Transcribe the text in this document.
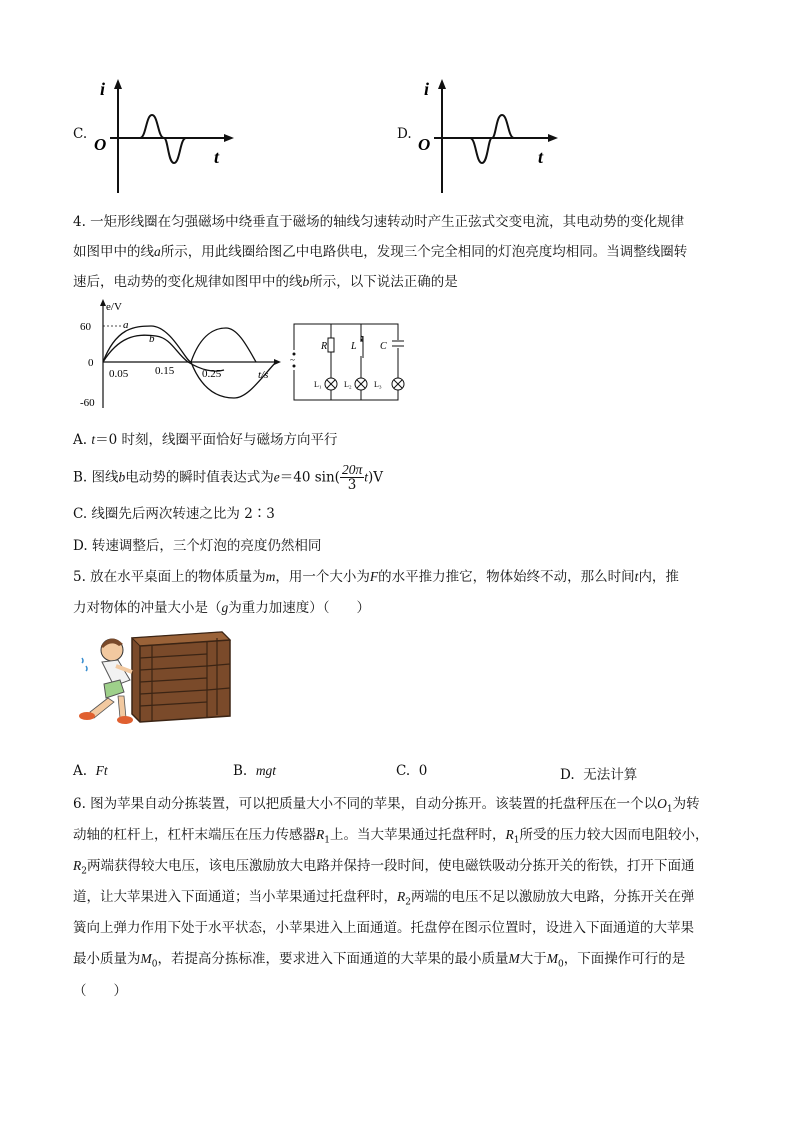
C.
i
O
t
D.
i
O
t
4. 一矩形线圈在匀强磁场中绕垂直于磁场的轴线匀速转动时产生正弦式交变电流，其电动势的变化规律
如图甲中的线a所示，用此线圈给图乙中电路供电，发现三个完全相同的灯泡亮度均相同。当调整线圈转
速后，电动势的变化规律如图甲中的线b所示，以下说法正确的是
e/V
t/s
60
0
-60
0.05 0.15	0.25
a
b
~
R L C
L₁	L₂	L₃
A. t＝0 时刻，线圈平面恰好与磁场方向平行
B. 图线b电动势的瞬时值表达式为e＝40 $\sin( \frac{20\pi}{3} t)V$
C. 线圈先后两次转速之比为 2∶3
D. 转速调整后，三个灯泡的亮度仍然相同
5. 放在水平桌面上的物体质量为m，用一个大小为F的水平推力推它，物体始终不动，那么时间t内，推
力对物体的冲量大小是（g为重力加速度）（　　）
A. Ft	B. mgt	C. 0	D. 无法计算
6. 图为苹果自动分拣装置，可以把质量大小不同的苹果，自动分拣开。该装置的托盘秤压在一个以$O_1$为转
动轴的杠杆上，杠杆末端压在压力传感器$R_1$上。当大苹果通过托盘秤时，$R_1$所受的压力较大因而电阻较小，
$R_2$两端获得较大电压，该电压激励放大电路并保持一段时间，使电磁铁吸动分拣开关的衔铁，打开下面通
道，让大苹果进入下面通道；当小苹果通过托盘秤时，$R_2$两端的电压不足以激励放大电路，分拣开关在弹
簧向上弹力作用下处于水平状态，小苹果进入上面通道。托盘停在图示位置时，设进入下面通道的大苹果
最小质量为$M_0$，若提高分拣标准，要求进入下面通道的大苹果的最小质量M大于$M_0$，下面操作可行的是
（　　）
